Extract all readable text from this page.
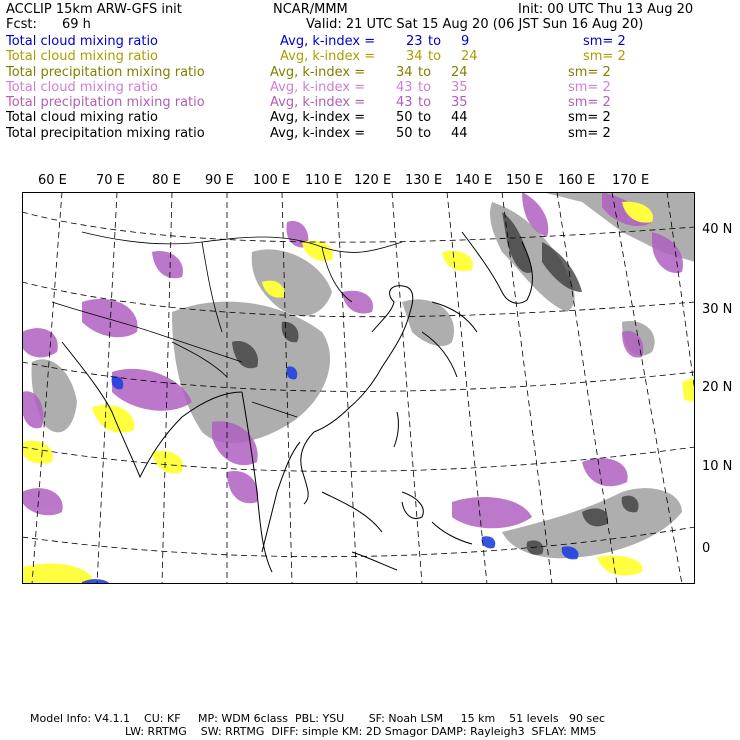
ACCLIP 15km ARW-GFS init	NCAR/MMM	Init: 00 UTC Thu 13 Aug 20
Fcst: 69 h	Valid: 21 UTC Sat 15 Aug 20 (06 JST Sun 16 Aug 20)
Total cloud mixing ratio	Avg, k-index = 23 to 9	sm= 2
Total cloud mixing ratio	Avg, k-index = 34 to 24	sm= 2
Total precipitation mixing ratio	Avg, k-index = 34 to 24	sm= 2
Total cloud mixing ratio	Avg, k-index = 43 to 35	sm= 2
Total precipitation mixing ratio	Avg, k-index = 43 to 35	sm= 2
Total cloud mixing ratio	Avg, k-index = 50 to 44	sm= 2
Total precipitation mixing ratio	Avg, k-index = 50 to 44	sm= 2
60 E 70 E 80 E 90 E 100 E 110 E 120 E 130 E 140 E 150 E 160 E 170 E
40 N
30 N
20 N
10 N
0
Model Info: V4.1.1    CU: KF     MP: WDM 6class  PBL: YSU       SF: Noah LSM     15 km    51 levels   90 sec
LW: RRTMG    SW: RRTMG  DIFF: simple KM: 2D Smagor DAMP: Rayleigh3  SFLAY: MM5
